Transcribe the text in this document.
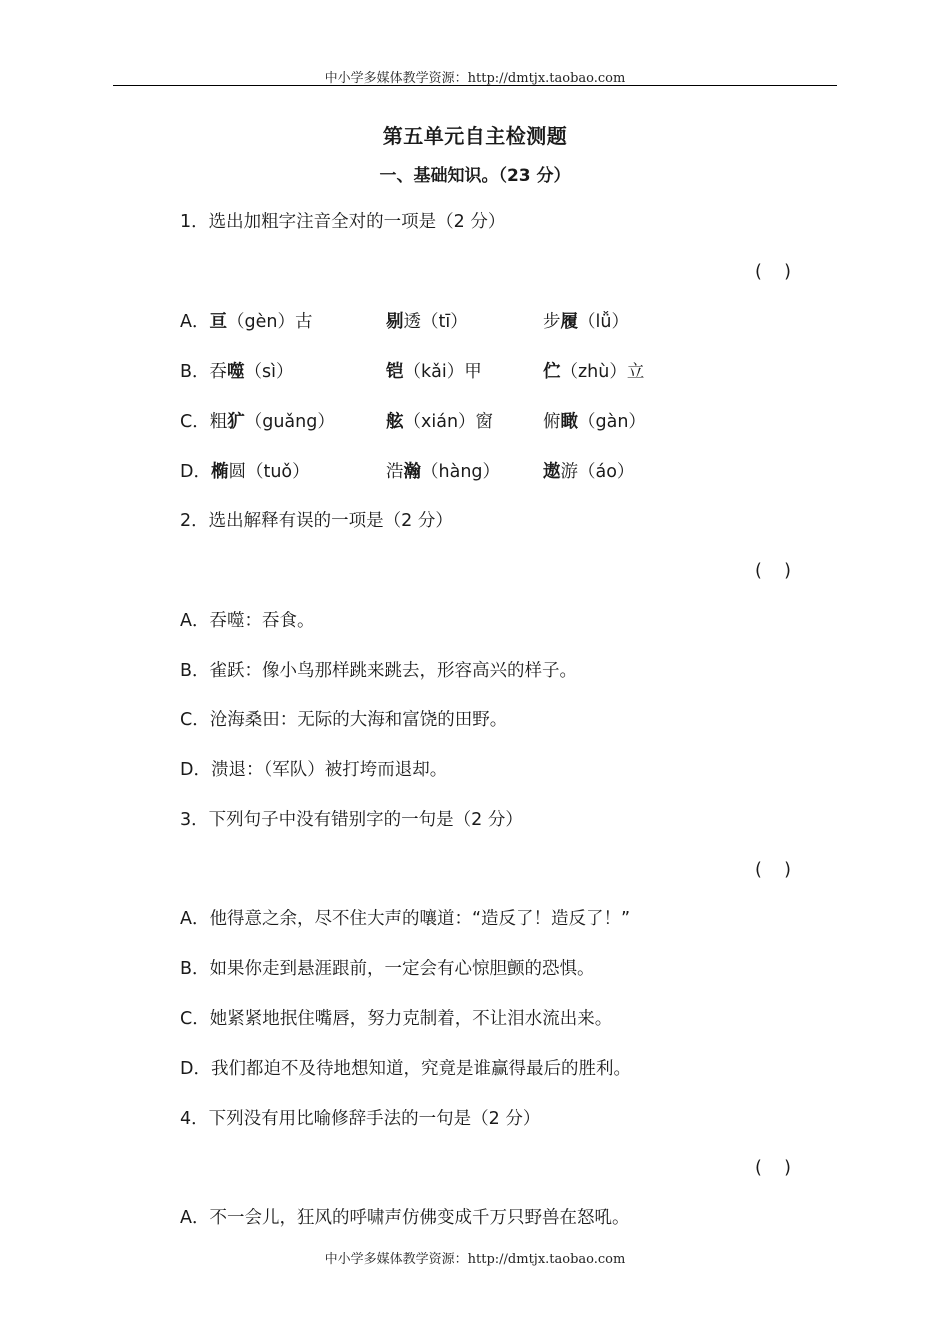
中小学多媒体教学资源：http://dmtjx.taobao.com
第五单元自主检测题
一、基础知识。（23 分）
1．选出加粗字注音全对的一项是（2 分）
(    )
A．亘（gèn）古	剔透（tī）	步履（lǚ）
B．吞噬（sì）	铠（kǎi）甲	伫（zhù）立
C．粗犷（guǎng）	舷（xián）窗	俯瞰（gàn）
D．椭圆（tuǒ）	浩瀚（hàng） 遨游（áo）
2．选出解释有误的一项是（2 分）
(    )
A．吞噬：吞食。
B．雀跃：像小鸟那样跳来跳去，形容高兴的样子。
C．沧海桑田：无际的大海和富饶的田野。
D．溃退：（军队）被打垮而退却。
3．下列句子中没有错别字的一句是（2 分）
(    )
A．他得意之余，尽不住大声的嚷道：“造反了！造反了！”
B．如果你走到悬涯跟前，一定会有心惊胆颤的恐惧。
C．她紧紧地抿住嘴唇，努力克制着，不让泪水流出来。
D．我们都迫不及待地想知道，究竟是谁赢得最后的胜利。
4．下列没有用比喻修辞手法的一句是（2 分）
(    )
A．不一会儿，狂风的呼啸声仿佛变成千万只野兽在怒吼。
中小学多媒体教学资源：http://dmtjx.taobao.com
